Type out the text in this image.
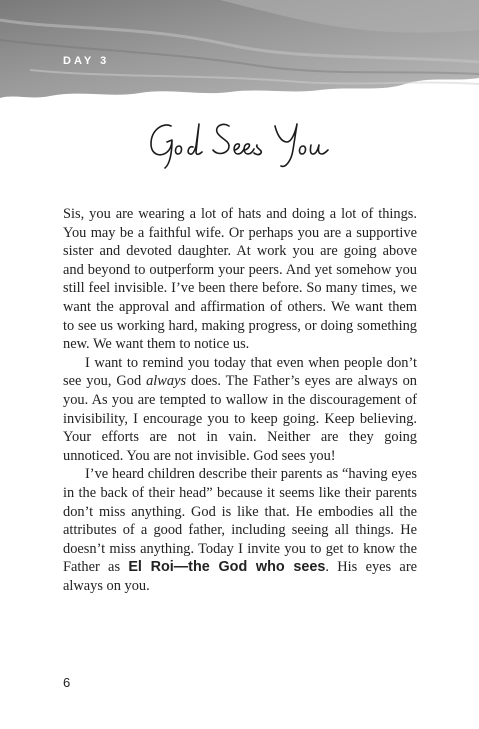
DAY 3

Sis, you are wearing a lot of hats and doing a lot of things. You may be a faithful wife. Or perhaps you are a supportive sister and devoted daughter. At work you are going above and beyond to outperform your peers. And yet somehow you still feel invisible. I’ve been there before. So many times, we want the approval and affirmation of others. We want them to see us working hard, making progress, or doing something new. We want them to notice us.

I want to remind you today that even when people don’t see you, God always does. The Father’s eyes are always on you. As you are tempted to wallow in the discouragement of invisibility, I encourage you to keep going. Keep believing. Your efforts are not in vain. Neither are they going unnoticed. You are not invisible. God sees you!

I’ve heard children describe their parents as “having eyes in the back of their head” because it seems like their parents don’t miss anything. God is like that. He embodies all the attributes of a good father, including seeing all things. He doesn’t miss anything. Today I invite you to get to know the Father as El Roi—the God who sees. His eyes are always on you.

6
